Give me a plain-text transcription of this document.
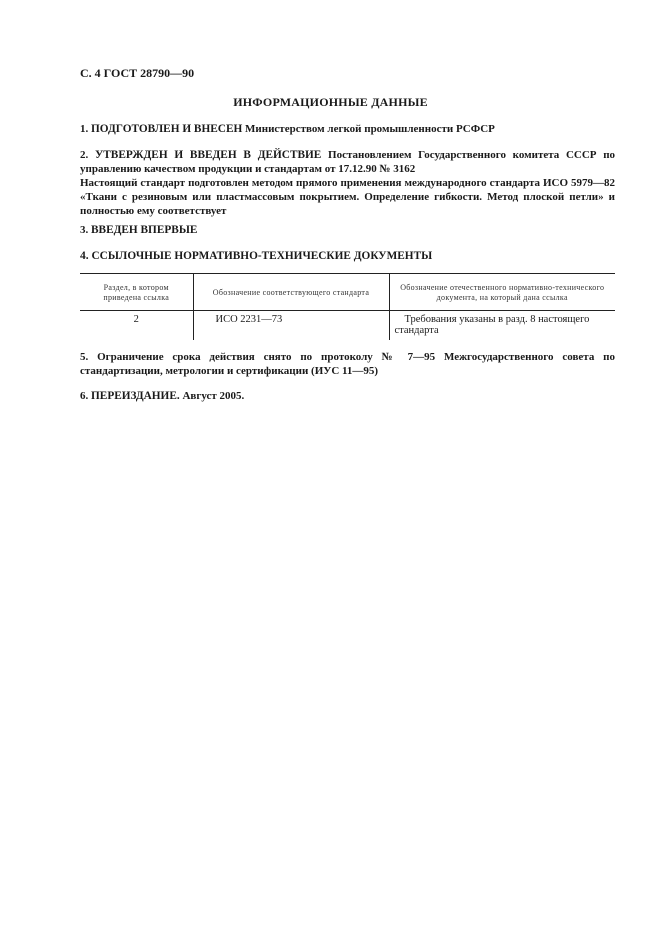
С. 4 ГОСТ 28790—90
ИНФОРМАЦИОННЫЕ ДАННЫЕ
1. ПОДГОТОВЛЕН И ВНЕСЕН Министерством легкой промышленности РСФСР
2. УТВЕРЖДЕН И ВВЕДЕН В ДЕЙСТВИЕ Постановлением Государственного комитета СССР по управлению качеством продукции и стандартам от 17.12.90 № 3162
Настоящий стандарт подготовлен методом прямого применения международного стандарта ИСО 5979—82 «Ткани с резиновым или пластмассовым покрытием. Определение гибкости. Метод плоской петли» и полностью ему соответствует
3. ВВЕДЕН ВПЕРВЫЕ
4. ССЫЛОЧНЫЕ НОРМАТИВНО-ТЕХНИЧЕСКИЕ ДОКУМЕНТЫ
Раздел, в котором приведена ссылка	Обозначение соответствующего стандарта	Обозначение отечественного нормативно-технического документа, на который дана ссылка
2	ИСО 2231—73	Требования указаны в разд. 8 настоящего стандарта
5. Ограничение срока действия снято по протоколу № 7—95 Межгосударственного совета по стандартизации, метрологии и сертификации (ИУС 11—95)
6. ПЕРЕИЗДАНИЕ. Август 2005.
